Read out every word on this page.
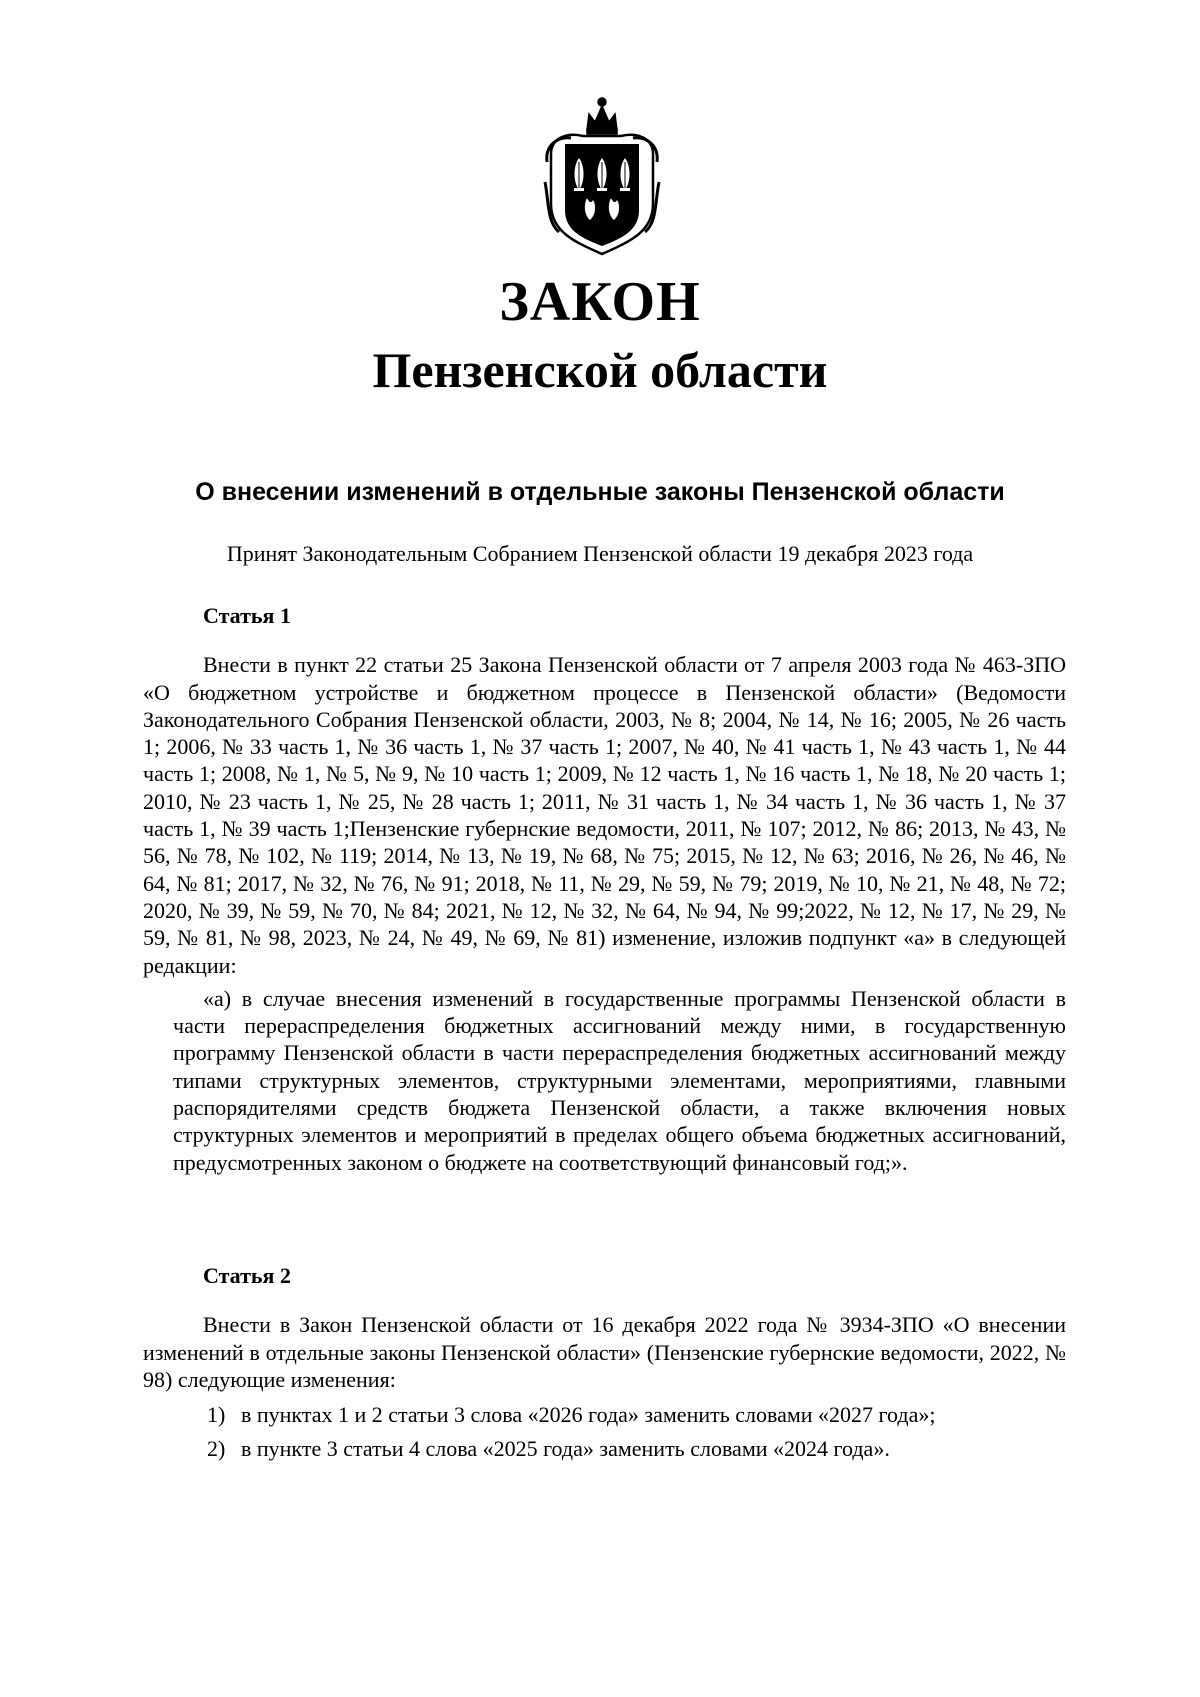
ЗАКОН
Пензенской области
О внесении изменений в отдельные законы Пензенской области
Принят Законодательным Собранием Пензенской области 19 декабря 2023 года

Статья 1

Внести в пункт 22 статьи 25 Закона Пензенской области от 7 апреля 2003 года № 463-ЗПО «О бюджетном устройстве и бюджетном процессе в Пензенской области» (Ведомости Законодательного Собрания Пензенской области, 2003, № 8; 2004, № 14, № 16; 2005, № 26 часть 1; 2006, № 33 часть 1, № 36 часть 1, № 37 часть 1; 2007, № 40, № 41 часть 1, № 43 часть 1, № 44 часть 1; 2008, № 1, № 5, № 9, № 10 часть 1; 2009, № 12 часть 1, № 16 часть 1, № 18, № 20 часть 1; 2010, № 23 часть 1, № 25, № 28 часть 1; 2011, № 31 часть 1, № 34 часть 1, № 36 часть 1, № 37 часть 1, № 39 часть 1;Пензенские губернские ведомости, 2011, № 107; 2012, № 86; 2013, № 43, № 56, № 78, № 102, № 119; 2014, № 13, № 19, № 68, № 75; 2015, № 12, № 63; 2016, № 26, № 46, № 64, № 81; 2017, № 32, № 76, № 91; 2018, № 11, № 29, № 59, № 79; 2019, № 10, № 21, № 48, № 72; 2020, № 39, № 59, № 70, № 84; 2021, № 12, № 32, № 64, № 94, № 99;2022, № 12, № 17, № 29, № 59, № 81, № 98, 2023, № 24, № 49, № 69, № 81) изменение, изложив подпункт «а» в следующей редакции:

«а) в случае внесения изменений в государственные программы Пензенской области в части перераспределения бюджетных ассигнований между ними, в государственную программу Пензенской области в части перераспределения бюджетных ассигнований между типами структурных элементов, структурными элементами, мероприятиями, главными распорядителями средств бюджета Пензенской области, а также включения новых структурных элементов и мероприятий в пределах общего объема бюджетных ассигнований, предусмотренных законом о бюджете на соответствующий финансовый год;».

Статья 2

Внести в Закон Пензенской области от 16 декабря 2022 года № 3934-ЗПО «О внесении изменений в отдельные законы Пензенской области» (Пензенские губернские ведомости, 2022, № 98) следующие изменения:

1) в пунктах 1 и 2 статьи 3 слова «2026 года» заменить словами «2027 года»;
2) в пункте 3 статьи 4 слова «2025 года» заменить словами «2024 года».
